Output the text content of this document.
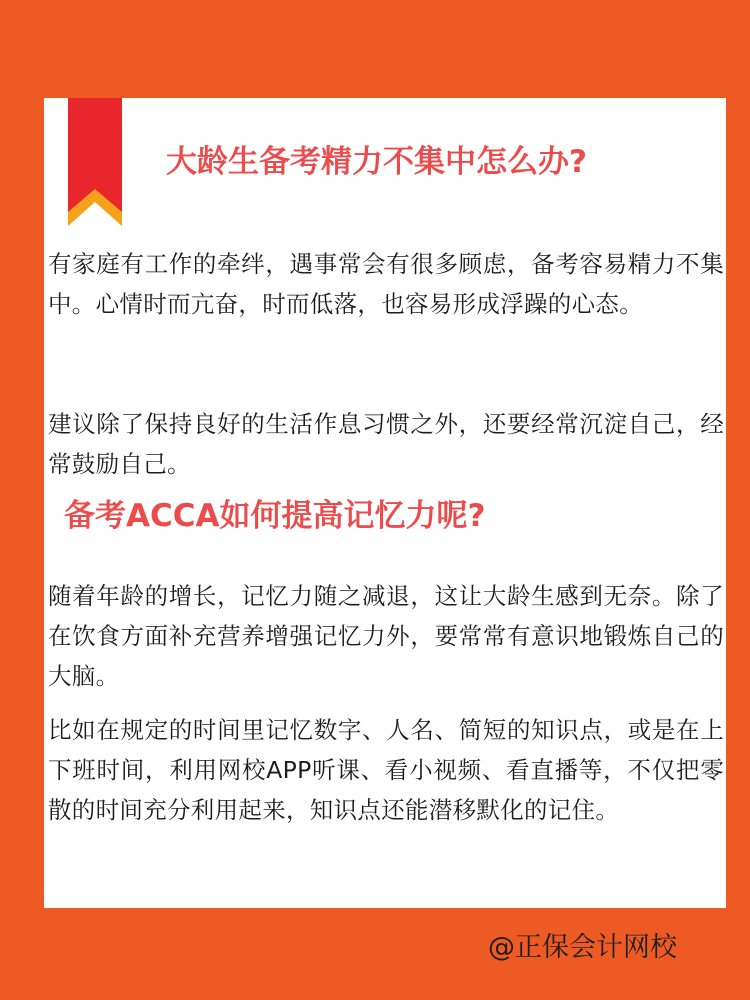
大龄生备考精力不集中怎么办?

有家庭有工作的牵绊，遇事常会有很多顾虑，备考容易精力不集中。心情时而亢奋，时而低落，也容易形成浮躁的心态。

建议除了保持良好的生活作息习惯之外，还要经常沉淀自己，经常鼓励自己。

备考ACCA如何提高记忆力呢?

随着年龄的增长，记忆力随之减退，这让大龄生感到无奈。除了在饮食方面补充营养增强记忆力外，要常常有意识地锻炼自己的大脑。

比如在规定的时间里记忆数字、人名、简短的知识点，或是在上下班时间，利用网校APP听课、看小视频、看直播等，不仅把零散的时间充分利用起来，知识点还能潜移默化的记住。

@正保会计网校
